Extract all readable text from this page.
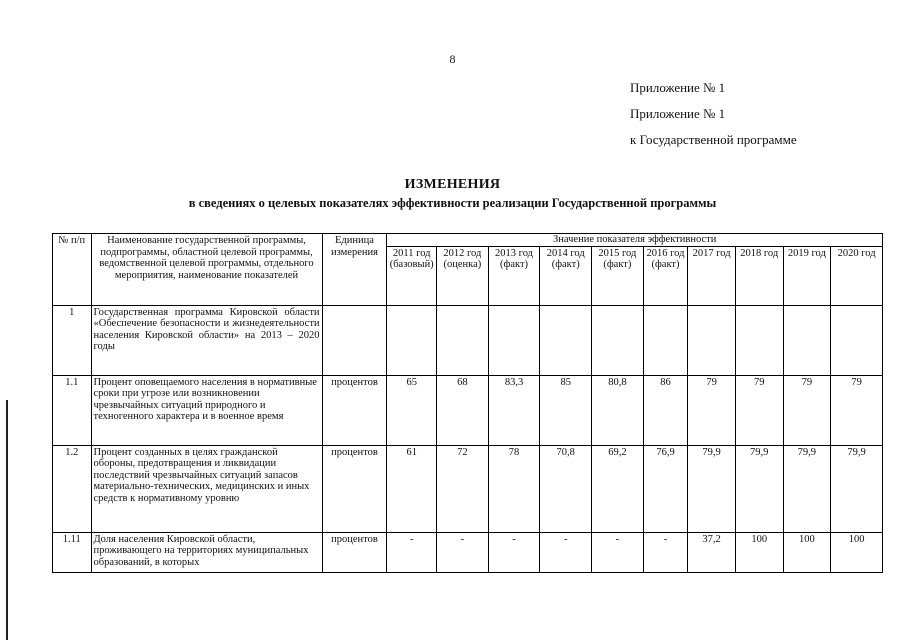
8
Приложение № 1
Приложение № 1
к Государственной программе
ИЗМЕНЕНИЯ
в сведениях о целевых показателях эффективности реализации Государственной программы
№ п/п	Наименование государственной программы, подпрограммы, областной целевой программы, ведомственной целевой программы, отдельного мероприятия, наименование показателей	Единица измерения	Значение показателя эффективности									
			2011 год (базовый)	2012 год (оценка)	2013 год (факт)	2014 год (факт)	2015 год (факт)	2016 год (факт)	2017 год	2018 год	2019 год	2020 год
1	Государственная программа Кировской области «Обеспечение безопасности и жизнедеятельности населения Кировской области» на 2013 – 2020 годы											
1.1	Процент оповещаемого населения в нормативные сроки при угрозе или возникновении чрезвычайных ситуаций природного и техногенного характера и в военное время	процентов	65	68	83,3	85	80,8	86	79	79	79	79
1.2	Процент созданных в целях гражданской обороны, предотвращения и ликвидации последствий чрезвычайных ситуаций запасов материально-технических, медицинских и иных средств к нормативному уровню	процентов	61	72	78	70,8	69,2	76,9	79,9	79,9	79,9	79,9
1.11	Доля населения Кировской области, проживающего на территориях муниципальных образований, в которых	процентов	-	-	-	-	-	-	37,2	100	100	100
